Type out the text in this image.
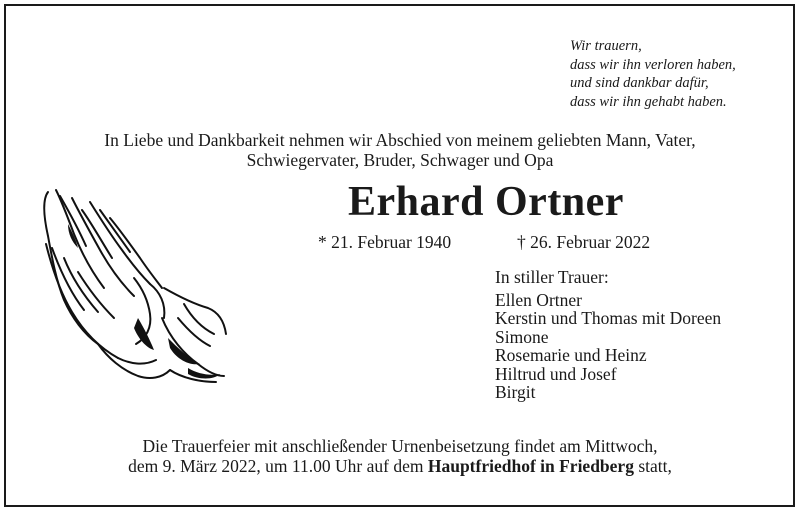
Wir trauern,
dass wir ihn verloren haben,
und sind dankbar dafür,
dass wir ihn gehabt haben.
In Liebe und Dankbarkeit nehmen wir Abschied von meinem geliebten Mann, Vater,
Schwiegervater, Bruder, Schwager und Opa
Erhard Ortner
* 21. Februar 1940	† 26. Februar 2022
In stiller Trauer:
Ellen Ortner
Kerstin und Thomas mit Doreen
Simone
Rosemarie und Heinz
Hiltrud und Josef
Birgit
Die Trauerfeier mit anschließender Urnenbeisetzung findet am Mittwoch,
dem 9. März 2022, um 11.00 Uhr auf dem Hauptfriedhof in Friedberg statt,
